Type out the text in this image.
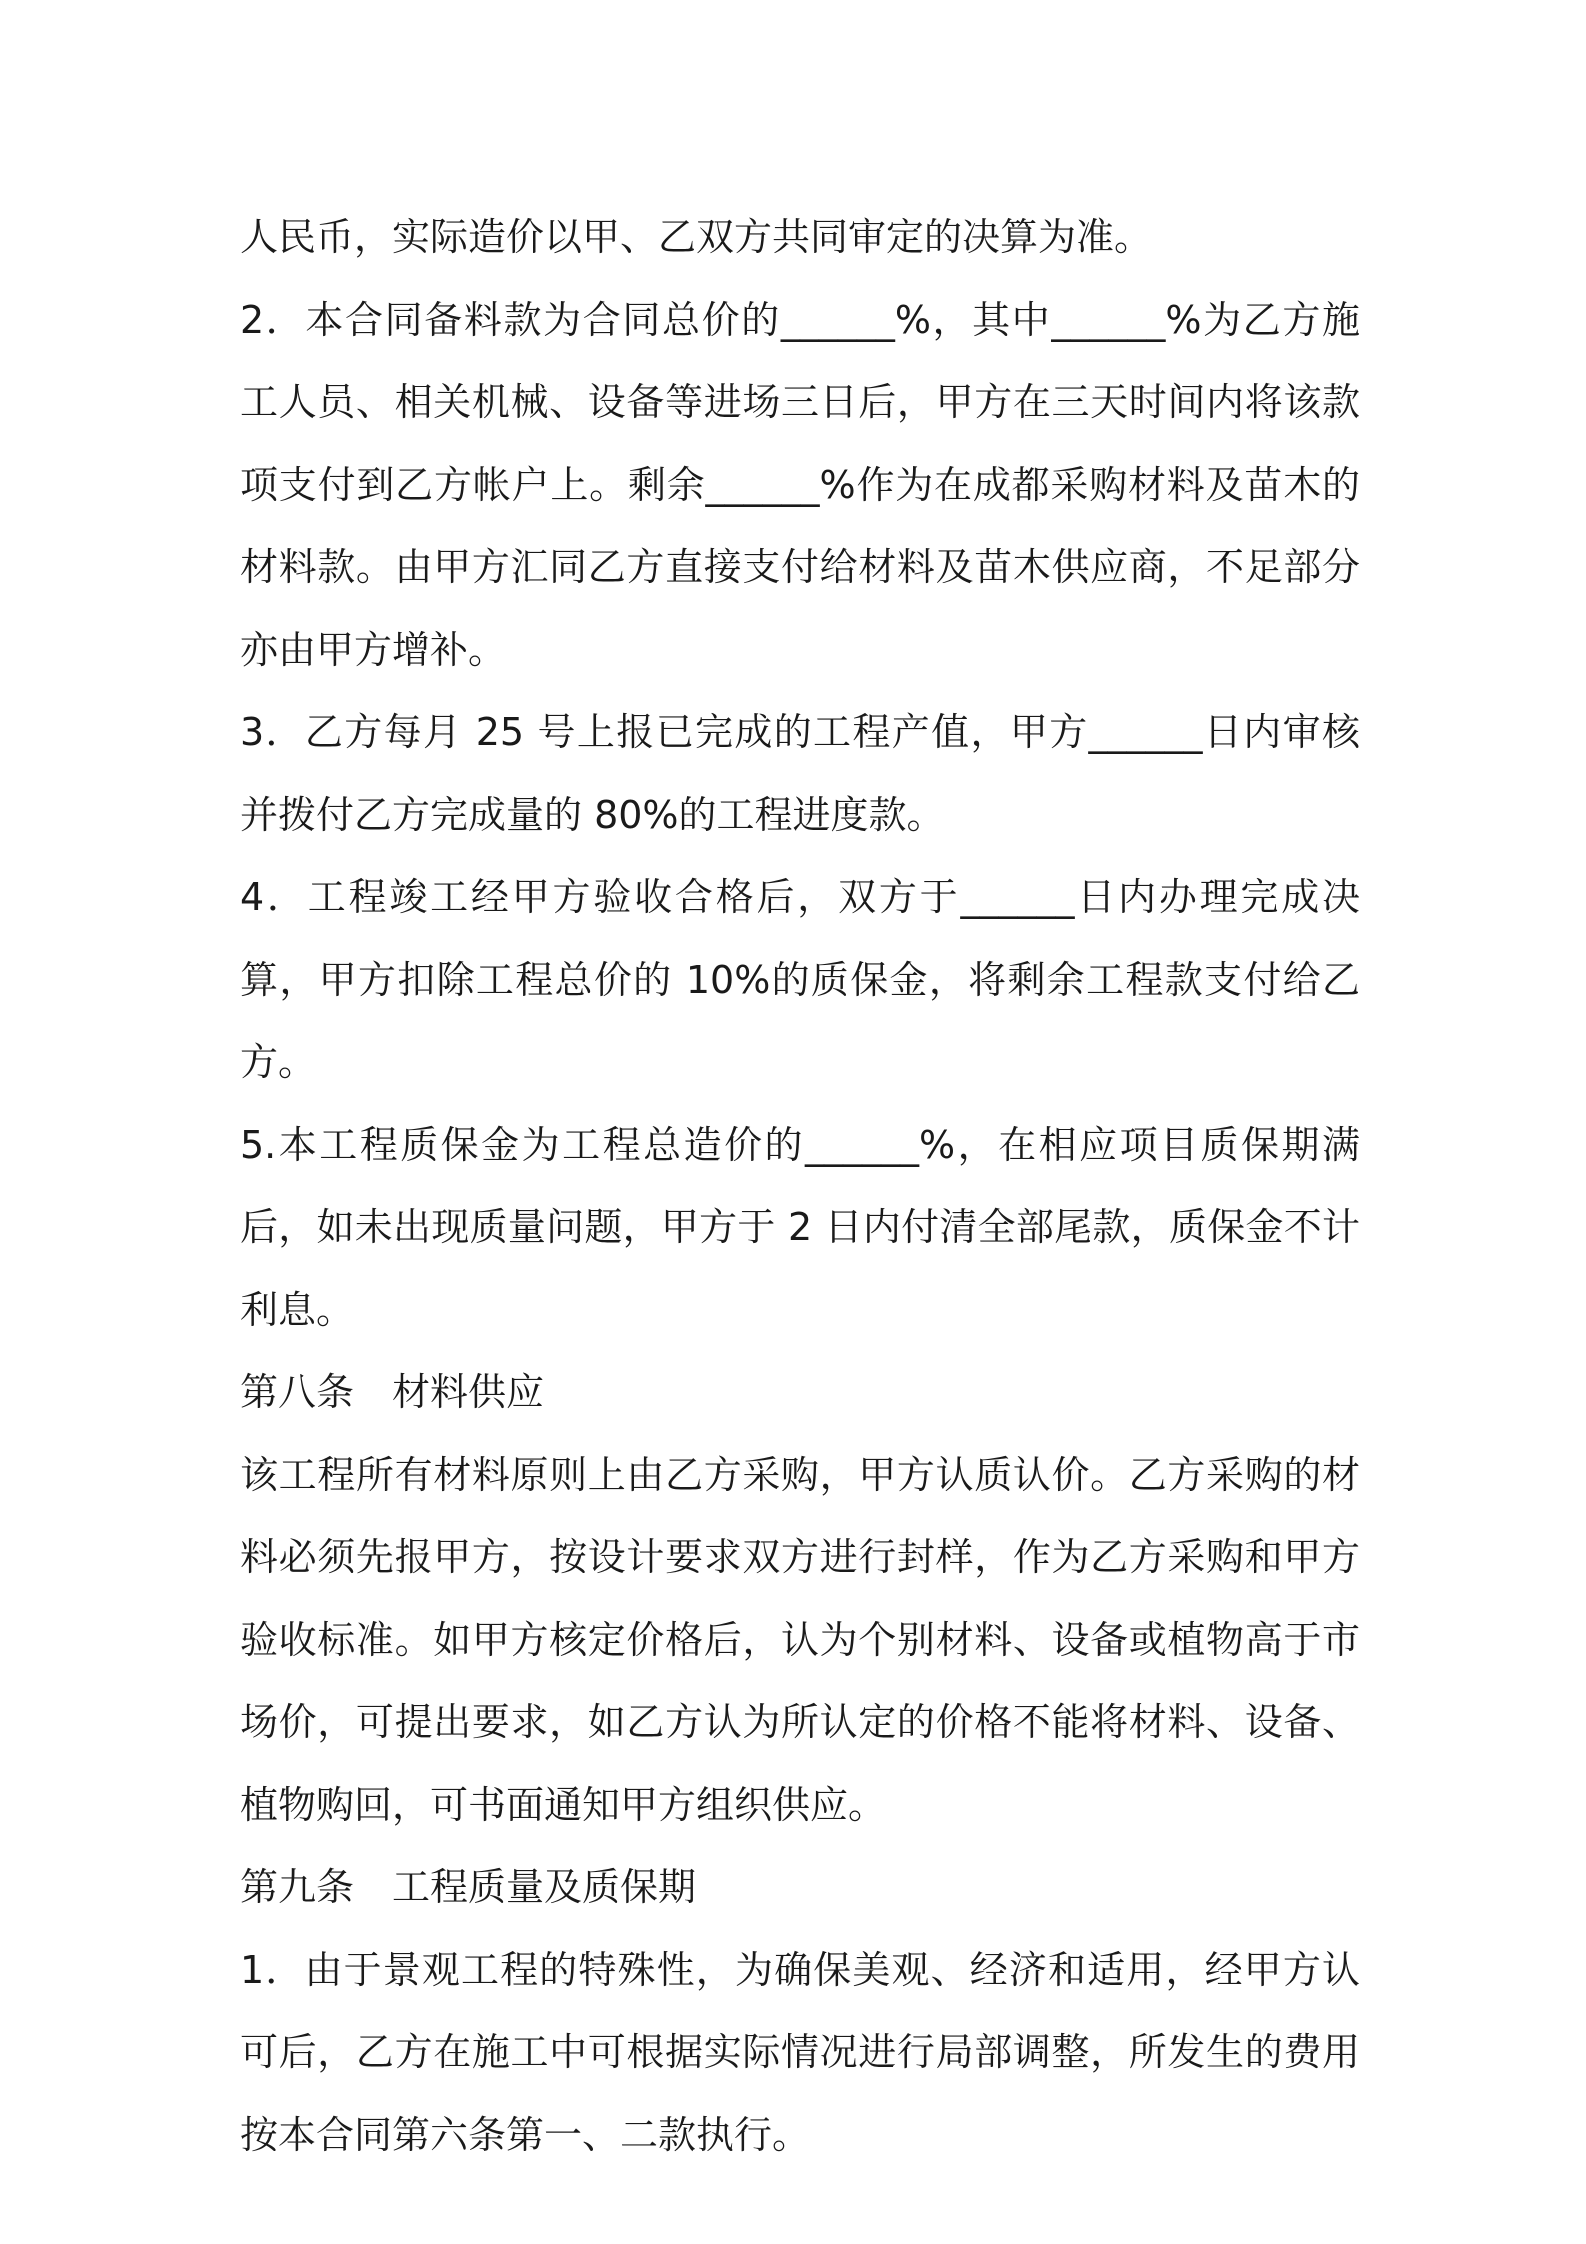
人民币，实际造价以甲、乙双方共同审定的决算为准。

2．本合同备料款为合同总价的______%，其中______%为乙方施工人员、相关机械、设备等进场三日后，甲方在三天时间内将该款项支付到乙方帐户上。剩余______%作为在成都采购材料及苗木的材料款。由甲方汇同乙方直接支付给材料及苗木供应商，不足部分亦由甲方增补。

3．乙方每月 25 号上报已完成的工程产值，甲方______日内审核并拨付乙方完成量的 80%的工程进度款。

4．工程竣工经甲方验收合格后，双方于______日内办理完成决算，甲方扣除工程总价的 10%的质保金，将剩余工程款支付给乙方。

5.本工程质保金为工程总造价的______%，在相应项目质保期满后，如未出现质量问题，甲方于 2 日内付清全部尾款，质保金不计利息。

第八条　材料供应

该工程所有材料原则上由乙方采购，甲方认质认价。乙方采购的材料必须先报甲方，按设计要求双方进行封样，作为乙方采购和甲方验收标准。如甲方核定价格后，认为个别材料、设备或植物高于市场价，可提出要求，如乙方认为所认定的价格不能将材料、设备、植物购回，可书面通知甲方组织供应。

第九条　工程质量及质保期

1．由于景观工程的特殊性，为确保美观、经济和适用，经甲方认可后，乙方在施工中可根据实际情况进行局部调整，所发生的费用按本合同第六条第一、二款执行。
